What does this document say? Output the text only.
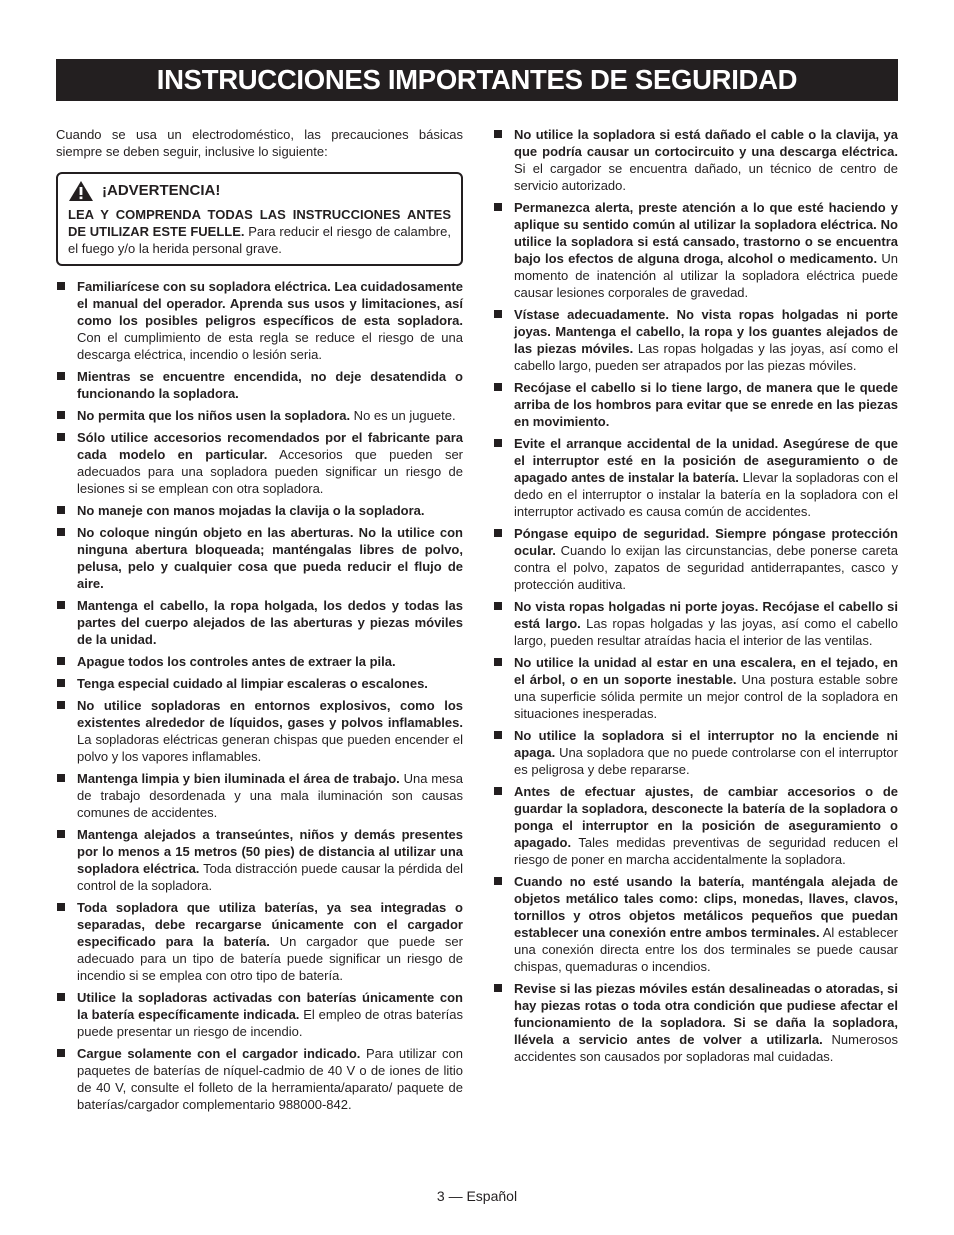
INSTRUCCIONES IMPORTANTES DE SEGURIDAD

Cuando se usa un electrodoméstico, las precauciones básicas siempre se deben seguir, inclusive lo siguiente:

¡ADVERTENCIA!

LEA Y COMPRENDA TODAS LAS INSTRUCCIONES ANTES DE UTILIZAR ESTE FUELLE. Para reducir el riesgo de calambre, el fuego y/o la herida personal grave.

Familiarícese con su sopladora eléctrica. Lea cuidadosamente el manual del operador. Aprenda sus usos y limitaciones, así como los posibles peligros específicos de esta sopladora. Con el cumplimiento de esta regla se reduce el riesgo de una descarga eléctrica, incendio o lesión seria.
Mientras se encuentre encendida, no deje desatendida o funcionando la sopladora.
No permita que los niños usen la sopladora. No es un juguete.
Sólo utilice accesorios recomendados por el fabricante para cada modelo en particular. Accesorios que pueden ser adecuados para una sopladora pueden significar un riesgo de lesiones si se emplean con otra sopladora.
No maneje con manos mojadas la clavija o la sopladora.
No coloque ningún objeto en las aberturas. No la utilice con ninguna abertura bloqueada; manténgalas libres de polvo, pelusa, pelo y cualquier cosa que pueda reducir el flujo de aire.
Mantenga el cabello, la ropa holgada, los dedos y todas las partes del cuerpo alejados de las aberturas y piezas móviles de la unidad.
Apague todos los controles antes de extraer la pila.
Tenga especial cuidado al limpiar escaleras o escalones.
No utilice sopladoras en entornos explosivos, como los existentes alrededor de líquidos, gases y polvos inflamables. La sopladoras eléctricas generan chispas que pueden encender el polvo y los vapores inflamables.
Mantenga limpia y bien iluminada el área de trabajo. Una mesa de trabajo desordenada y una mala iluminación son causas comunes de accidentes.
Mantenga alejados a transeúntes, niños y demás presentes por lo menos a 15 metros (50 pies) de distancia al utilizar una sopladora eléctrica. Toda distracción puede causar la pérdida del control de la sopladora.
Toda sopladora que utiliza baterías, ya sea integradas o separadas, debe recargarse únicamente con el cargador especificado para la batería. Un cargador que puede ser adecuado para un tipo de batería puede significar un riesgo de incendio si se emplea con otro tipo de batería.
Utilice la sopladoras activadas con baterías únicamente con la batería específicamente indicada. El empleo de otras baterías puede presentar un riesgo de incendio.
Cargue solamente con el cargador indicado. Para utilizar con paquetes de baterías de níquel-cadmio de 40 V o de iones de litio de 40 V, consulte el folleto de la herramienta/aparato/ paquete de baterías/cargador complementario 988000-842.
No utilice la sopladora si está dañado el cable o la clavija, ya que podría causar un cortocircuito y una descarga eléctrica. Si el cargador se encuentra dañado, un técnico de centro de servicio autorizado.
Permanezca alerta, preste atención a lo que esté haciendo y aplique su sentido común al utilizar la sopladora eléctrica. No utilice la sopladora si está cansado, trastorno o se encuentra bajo los efectos de alguna droga, alcohol o medicamento. Un momento de inatención al utilizar la sopladora eléctrica puede causar lesiones corporales de gravedad.
Vístase adecuadamente. No vista ropas holgadas ni porte joyas. Mantenga el cabello, la ropa y los guantes alejados de las piezas móviles. Las ropas holgadas y las joyas, así como el cabello largo, pueden ser atrapados por las piezas móviles.
Recójase el cabello si lo tiene largo, de manera que le quede arriba de los hombros para evitar que se enrede en las piezas en movimiento.
Evite el arranque accidental de la unidad. Asegúrese de que el interruptor esté en la posición de aseguramiento o de apagado antes de instalar la batería. Llevar la sopladoras con el dedo en el interruptor o instalar la batería en la sopladora con el interruptor activado es causa común de accidentes.
Póngase equipo de seguridad. Siempre póngase protección ocular. Cuando lo exijan las circunstancias, debe ponerse careta contra el polvo, zapatos de seguridad antiderrapantes, casco y protección auditiva.
No vista ropas holgadas ni porte joyas. Recójase el cabello si está largo. Las ropas holgadas y las joyas, así como el cabello largo, pueden resultar atraídas hacia el interior de las ventilas.
No utilice la unidad al estar en una escalera, en el tejado, en el árbol, o en un soporte inestable. Una postura estable sobre una superficie sólida permite un mejor control de la sopladora en situaciones inesperadas.
No utilice la sopladora si el interruptor no la enciende ni apaga. Una sopladora que no puede controlarse con el interruptor es peligrosa y debe repararse.
Antes de efectuar ajustes, de cambiar accesorios o de guardar la sopladora, desconecte la batería de la sopladora o ponga el interruptor en la posición de aseguramiento o apagado. Tales medidas preventivas de seguridad reducen el riesgo de poner en marcha accidentalmente la sopladora.
Cuando no esté usando la batería, manténgala alejada de objetos metálico tales como: clips, monedas, llaves, clavos, tornillos y otros objetos metálicos pequeños que puedan establecer una conexión entre ambos terminales. Al establecer una conexión directa entre los dos terminales se puede causar chispas, quemaduras o incendios.
Revise si las piezas móviles están desalineadas o atoradas, si hay piezas rotas o toda otra condición que pudiese afectar el funcionamiento de la sopladora. Si se daña la sopladora, llévela a servicio antes de volver a utilizarla. Numerosos accidentes son causados por sopladoras mal cuidadas.
3 — Español
